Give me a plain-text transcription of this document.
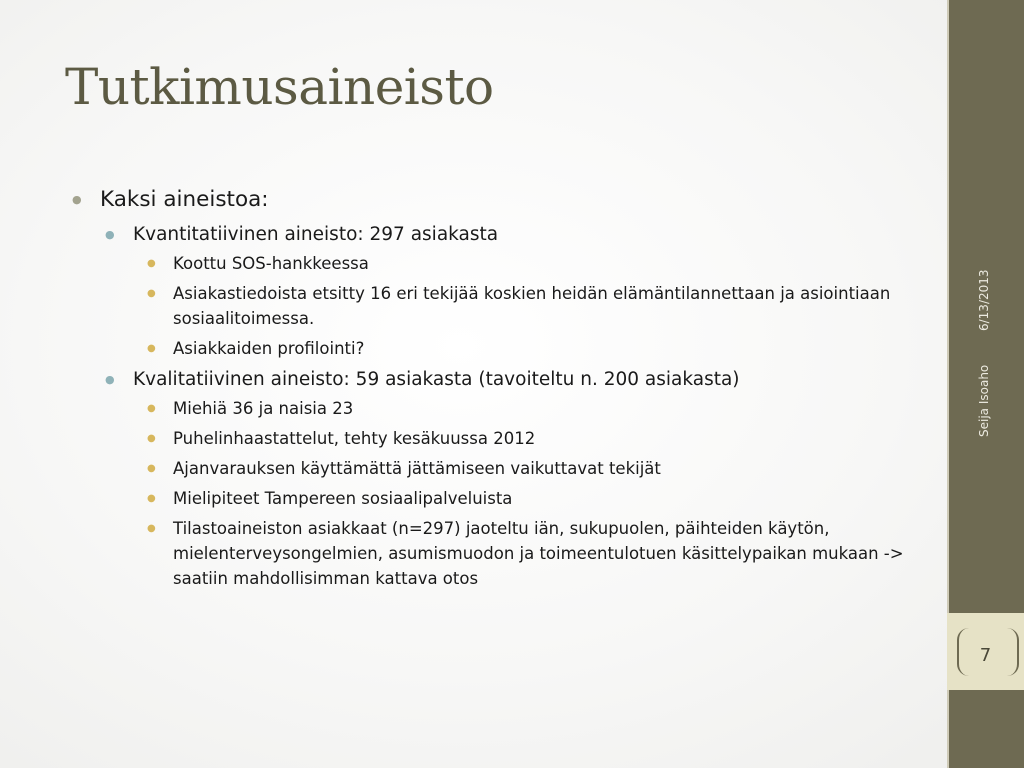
Tutkimusaineisto
● Kaksi aineistoa:
● Kvantitatiivinen aineisto: 297 asiakasta
● Koottu SOS-hankkeessa
● Asiakastiedoista etsitty 16 eri tekijää koskien heidän elämäntilannettaan ja asiointiaan sosiaalitoimessa.
● Asiakkaiden profilointi?
● Kvalitatiivinen aineisto: 59 asiakasta (tavoiteltu n. 200 asiakasta)
● Miehiä 36 ja naisia 23
● Puhelinhaastattelut, tehty kesäkuussa 2012
● Ajanvarauksen käyttämättä jättämiseen vaikuttavat tekijät
● Mielipiteet Tampereen sosiaalipalveluista
● Tilastoaineiston asiakkaat (n=297) jaoteltu iän, sukupuolen, päihteiden käytön, mielenterveysongelmien, asumismuodon ja toimeentulotuen käsittelypaikan mukaan -> saatiin mahdollisimman kattava otos
6/13/2013
Seija Isoaho
7
